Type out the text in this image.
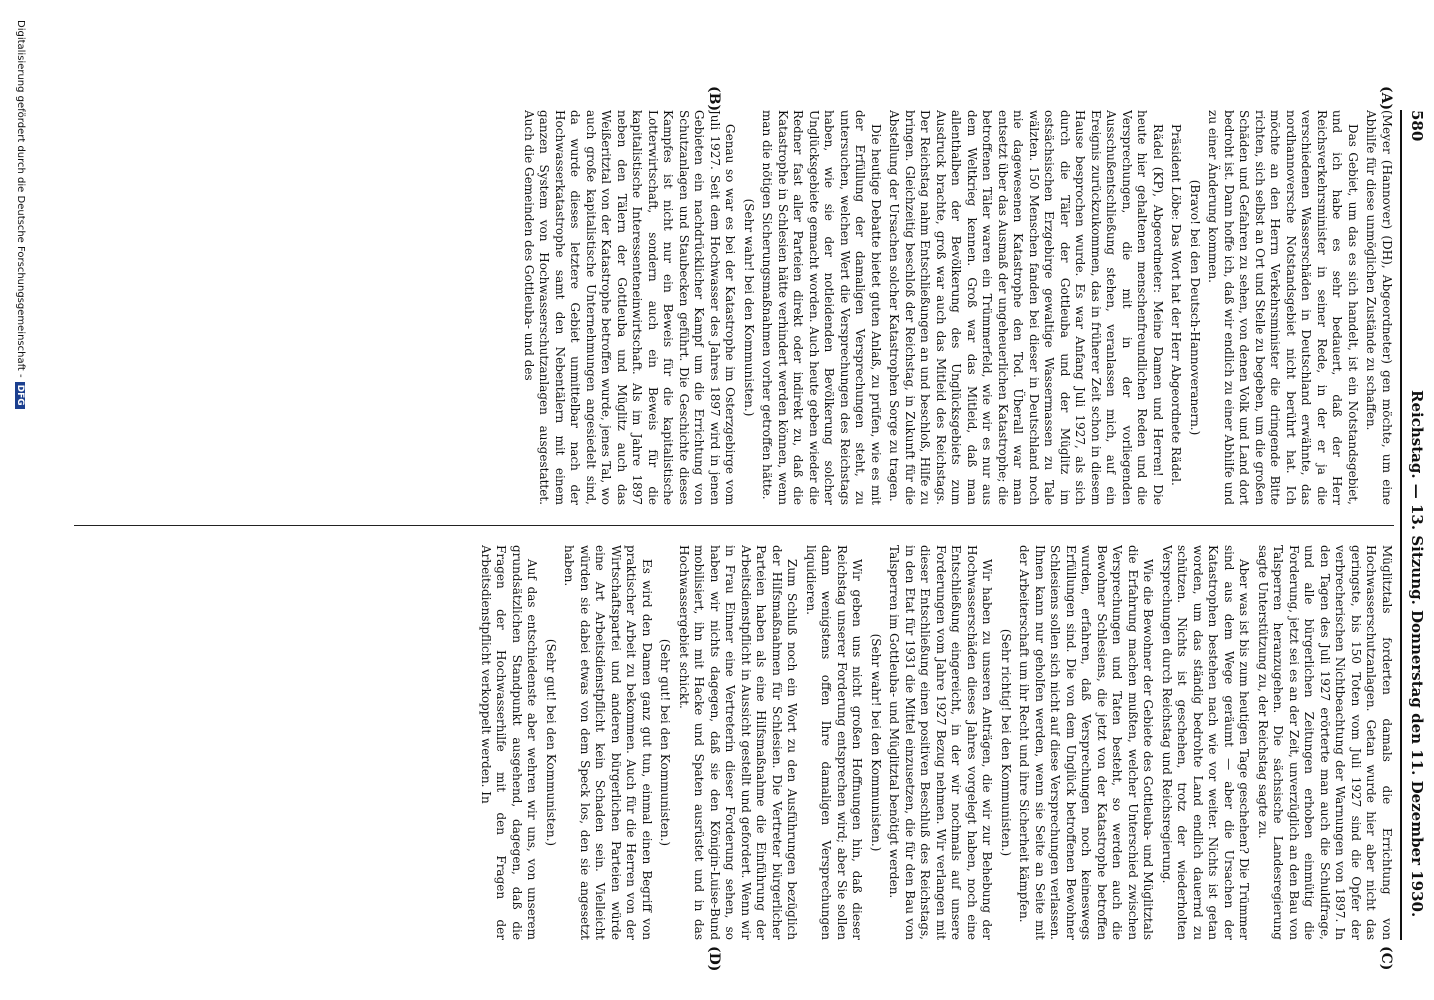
580
Reichstag. — 13. Sitzung. Donnerstag den 11. Dezember 1930.
(A)
(B)
(C)
(D)

(Meyer (Hannover) (DH), Abgeordneter) gen möchte, um eine Abhilfe für diese unmöglichen Zustände zu schaffen.

Das Gebiet, um das es sich handelt, ist ein Notstandsgebiet, und ich habe es sehr bedauert, daß der Herr Reichsverkehrsminister in seiner Rede, in der er ja die verschiedenen Wasserschäden in Deutschland erwähnte, das nordhannoversche Notstandsgebiet nicht berührt hat. Ich möchte an den Herrn Verkehrsminister die dringende Bitte richten, sich selbst an Ort und Stelle zu begeben, um die großen Schäden und Gefahren zu sehen, von denen Volk und Land dort bedroht ist. Dann hoffe ich, daß wir endlich zu einer Abhilfe und zu einer Änderung kommen.

(Bravo! bei den Deutsch-Hannoveranern.)

Präsident Löbe: Das Wort hat der Herr Abgeordnete Rädel.

Rädel (KP), Abgeordneter: Meine Damen und Herren! Die heute hier gehaltenen menschenfreundlichen Reden und die Versprechungen, die mit in der vorliegenden Ausschußentschließung stehen, veranlassen mich, auf ein Ereignis zurückzukommen, das in früherer Zeit schon in diesem Hause besprochen wurde. Es war Anfang Juli 1927, als sich durch die Täler der Gottleuba und der Müglitz im ostsächsischen Erzgebirge gewaltige Wassermassen zu Tale wälzten. 150 Menschen fanden bei dieser in Deutschland noch nie dagewesenen Katastrophe den Tod. Überall war man entsetzt über das Ausmaß der ungeheuerlichen Katastrophe; die betroffenen Täler waren ein Trümmerfeld, wie wir es nur aus dem Weltkrieg kennen. Groß war das Mitleid, daß man allenthalben der Bevölkerung des Unglücksgebiets zum Ausdruck brachte, groß war auch das Mitleid des Reichstags. Der Reichstag nahm Entschließungen an und beschloß, Hilfe zu bringen. Gleichzeitig beschloß der Reichstag, in Zukunft für die Abstellung der Ursachen solcher Katastrophen Sorge zu tragen.

Die heutige Debatte bietet guten Anlaß, zu prüfen, wie es mit der Erfüllung der damaligen Versprechungen steht, zu untersuchen, welchen Wert die Versprechungen des Reichstags haben, wie sie der notleidenden Bevölkerung solcher Unglücksgebiete gemacht worden. Auch heute geben wieder die Redner fast aller Parteien direkt oder indirekt zu, daß die Katastrophe in Schlesien hätte verhindert werden können, wenn man die nötigen Sicherungsmaßnahmen vorher getroffen hätte.

(Sehr wahr! bei den Kommunisten.)

Genau so war es bei der Katastrophe im Osterzgebirge vom Juli 1927. Seit dem Hochwasser des Jahres 1897 wird in jenen Gebieten ein nachdrücklicher Kampf um die Errichtung von Schutzanlagen und Staubecken geführt. Die Geschichte dieses Kampfes ist nicht nur ein Beweis für die kapitalistische Lotterwirtschaft, sondern auch ein Beweis für die kapitalistische Interessenteneinwirtschaft. Als im Jahre 1897 neben den Tälern der Gottleuba und Müglitz auch das Weißeritztal von der Katastrophe betroffen wurde, jenes Tal, wo auch große kapitalistische Unternehmungen angesiedelt sind, da wurde dieses letztere Gebiet unmittelbar nach der Hochwasserkatastrophe samt den Nebentälern mit einem ganzen System von Hochwasserschutzanlagen ausgestattet. Auch die Gemeinden des Gottleuba- und des

Müglitztals forderten damals die Errichtung von Hochwasserschutzanlagen. Getan wurde hier aber nicht das geringste, bis 150 Toten vom Juli 1927 sind die Opfer der verbrecherischen Nichtbeachtung der Warnungen von 1897. In den Tagen des Juli 1927 erörterte man auch die Schuldfrage, und alle bürgerlichen Zeitungen erhoben einmütig die Forderung, jetzt sei es an der Zeit, unverzüglich an den Bau von Talsperren heranzugehen. Die sächsische Landesregierung sagte Unterstützung zu, der Reichstag sagte zu.

Aber was ist bis zum heutigen Tage geschehen? Die Trümmer sind aus dem Wege geräumt — aber die Ursachen der Katastrophen bestehen nach wie vor weiter. Nichts ist getan worden, um das ständig bedrohte Land endlich dauernd zu schützen. Nichts ist geschehen, trotz der wiederholten Versprechungen durch Reichstag und Reichsregierung.

Wie die Bewohner der Gebiete des Gottleuba- und Müglitztals die Erfahrung machen mußten, welcher Unterschied zwischen Versprechungen und Taten besteht, so werden auch die Bewohner Schlesiens, die jetzt von der Katastrophe betroffen wurden, erfahren, daß Versprechungen noch keineswegs Erfüllungen sind. Die von dem Unglück betroffenen Bewohner Schlesiens sollen sich nicht auf diese Versprechungen verlassen. Ihnen kann nur geholfen werden, wenn sie Seite an Seite mit der Arbeiterschaft um ihr Recht und ihre Sicherheit kämpfen.

(Sehr richtig! bei den Kommunisten.)

Wir haben zu unseren Anträgen, die wir zur Behebung der Hochwasserschäden dieses Jahres vorgelegt haben, noch eine Entschließung eingereicht, in der wir nochmals auf unsere Forderungen vom Jahre 1927 Bezug nehmen. Wir verlangen mit dieser Entschließung einen positiven Beschluß des Reichstags, in den Etat für 1931 die Mittel einzusetzen, die für den Bau von Talsperren im Gottleuba- und Müglitztal benötigt werden.

(Sehr wahr! bei den Kommunisten.)

Wir geben uns nicht großen Hoffnungen hin, daß dieser Reichstag unserer Forderung entsprechen wird; aber Sie sollen dann wenigstens offen Ihre damaligen Versprechungen liquidieren.

Zum Schluß noch ein Wort zu den Ausführungen bezüglich der Hilfsmaßnahmen für Schlesien. Die Vertreter bürgerlicher Parteien haben als eine Hilfsmaßnahme die Einführung der Arbeitsdienstpflicht in Aussicht gestellt und gefordert. Wenn wir in Frau Einner eine Vertreterin dieser Forderung sehen, so haben wir nichts dagegen, daß sie den Königin-Luise-Bund mobilisiert, ihn mit Hacke und Spaten ausrüstet und in das Hochwassergebiet schickt.

(Sehr gut! bei den Kommunisten.)

Es wird den Damen ganz gut tun, einmal einen Begriff von praktischer Arbeit zu bekommen. Auch für die Herren von der Wirtschaftspartei und anderen bürgerlichen Parteien würde eine Art Arbeitsdienstpflicht kein Schaden sein. Vielleicht würden sie dabei etwas von dem Speck los, den sie angesetzt haben.

(Sehr gut! bei den Kommunisten.)

Auf das entschiedenste aber wehren wir uns, von unserem grundsätzlichen Standpunkt ausgehend, dagegen, daß die Fragen der Hochwasserhilfe mit den Fragen der Arbeitsdienstpflicht verkoppelt werden. In

Digitalisierung gefördert durch die Deutsche Forschungsgemeinschaft -DFG
